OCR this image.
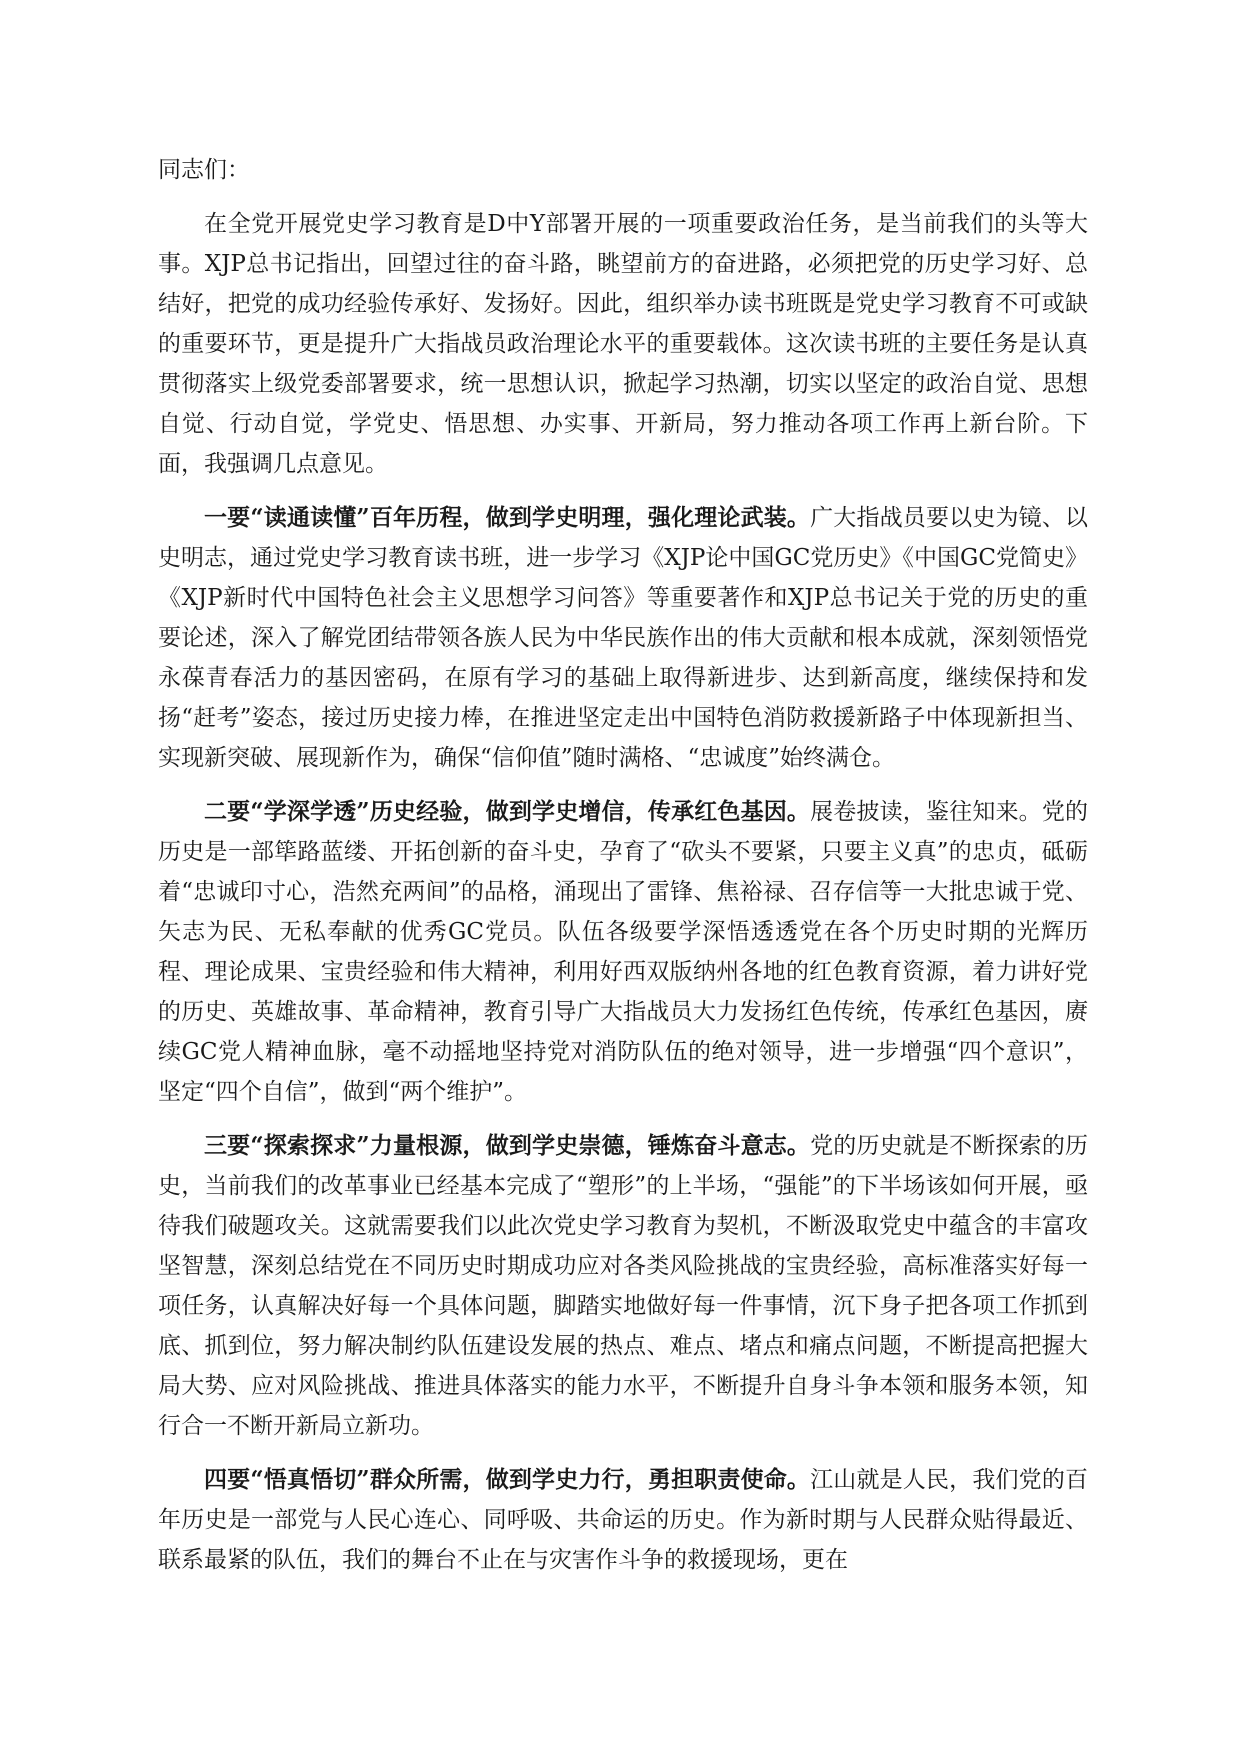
同志们：

在全党开展党史学习教育是D中Y部署开展的一项重要政治任务，是当前我们的头等大事。XJP总书记指出，回望过往的奋斗路，眺望前方的奋进路，必须把党的历史学习好、总结好，把党的成功经验传承好、发扬好。因此，组织举办读书班既是党史学习教育不可或缺的重要环节，更是提升广大指战员政治理论水平的重要载体。这次读书班的主要任务是认真贯彻落实上级党委部署要求，统一思想认识，掀起学习热潮，切实以坚定的政治自觉、思想自觉、行动自觉，学党史、悟思想、办实事、开新局，努力推动各项工作再上新台阶。下面，我强调几点意见。

一要“读通读懂”百年历程，做到学史明理，强化理论武装。广大指战员要以史为镜、以史明志，通过党史学习教育读书班，进一步学习《XJP论中国GC党历史》《中国GC党简史》《XJP新时代中国特色社会主义思想学习问答》等重要著作和XJP总书记关于党的历史的重要论述，深入了解党团结带领各族人民为中华民族作出的伟大贡献和根本成就，深刻领悟党永葆青春活力的基因密码，在原有学习的基础上取得新进步、达到新高度，继续保持和发扬“赶考”姿态，接过历史接力棒，在推进坚定走出中国特色消防救援新路子中体现新担当、实现新突破、展现新作为，确保“信仰值”随时满格、“忠诚度”始终满仓。

二要“学深学透”历史经验，做到学史增信，传承红色基因。展卷披读，鉴往知来。党的历史是一部筚路蓝缕、开拓创新的奋斗史，孕育了“砍头不要紧，只要主义真”的忠贞，砥砺着“忠诚印寸心，浩然充两间”的品格，涌现出了雷锋、焦裕禄、召存信等一大批忠诚于党、矢志为民、无私奉献的优秀GC党员。队伍各级要学深悟透透党在各个历史时期的光辉历程、理论成果、宝贵经验和伟大精神，利用好西双版纳州各地的红色教育资源，着力讲好党的历史、英雄故事、革命精神，教育引导广大指战员大力发扬红色传统，传承红色基因，赓续GC党人精神血脉，毫不动摇地坚持党对消防队伍的绝对领导，进一步增强“四个意识”，坚定“四个自信”，做到“两个维护”。

三要“探索探求”力量根源，做到学史崇德，锤炼奋斗意志。党的历史就是不断探索的历史，当前我们的改革事业已经基本完成了“塑形”的上半场，“强能”的下半场该如何开展，亟待我们破题攻关。这就需要我们以此次党史学习教育为契机，不断汲取党史中蕴含的丰富攻坚智慧，深刻总结党在不同历史时期成功应对各类风险挑战的宝贵经验，高标准落实好每一项任务，认真解决好每一个具体问题，脚踏实地做好每一件事情，沉下身子把各项工作抓到底、抓到位，努力解决制约队伍建设发展的热点、难点、堵点和痛点问题，不断提高把握大局大势、应对风险挑战、推进具体落实的能力水平，不断提升自身斗争本领和服务本领，知行合一不断开新局立新功。

四要“悟真悟切”群众所需，做到学史力行，勇担职责使命。江山就是人民，我们党的百年历史是一部党与人民心连心、同呼吸、共命运的历史。作为新时期与人民群众贴得最近、联系最紧的队伍，我们的舞台不止在与灾害作斗争的救援现场，更在
